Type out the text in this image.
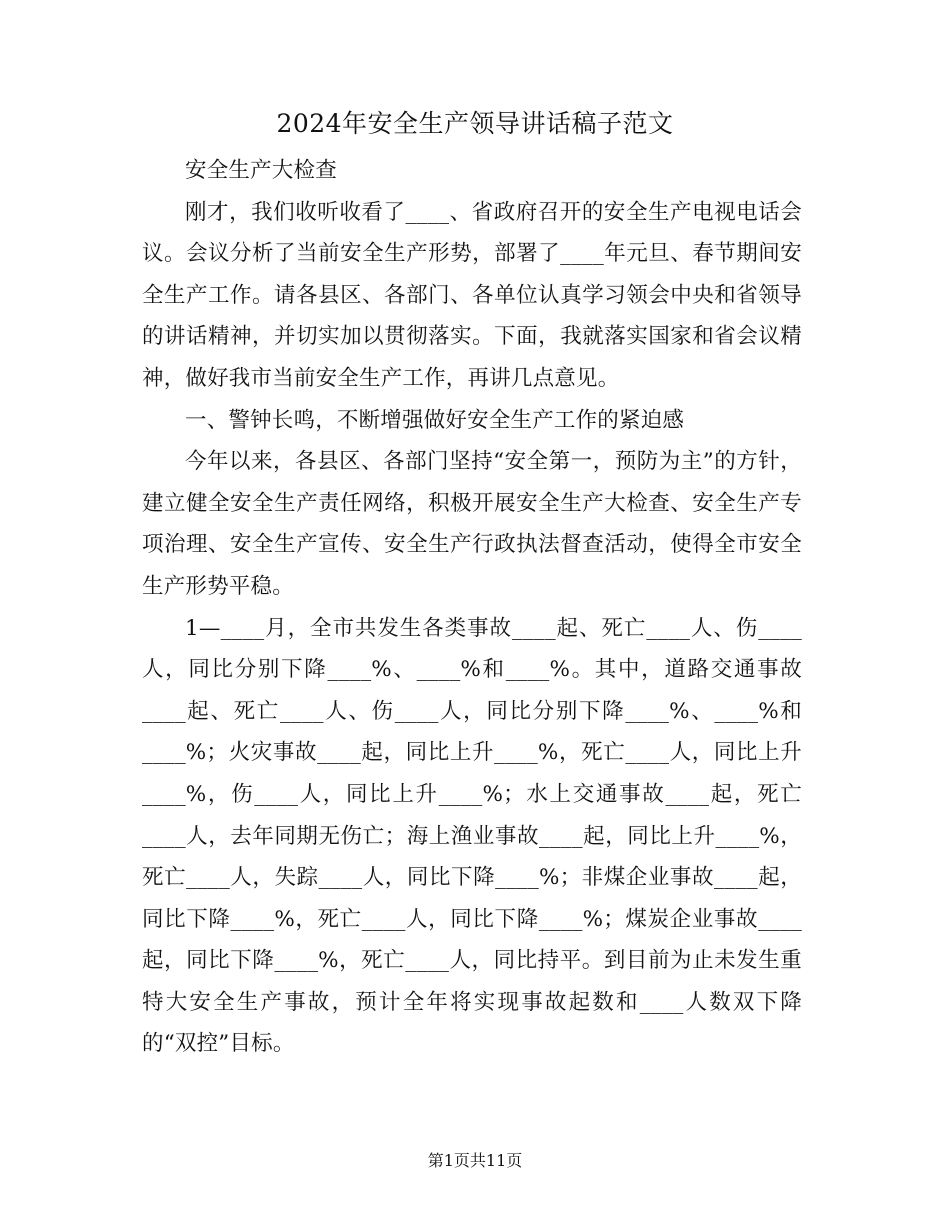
2024年安全生产领导讲话稿子范文

安全生产大检查

刚才，我们收听收看了____、省政府召开的安全生产电视电话会议。会议分析了当前安全生产形势，部署了____年元旦、春节期间安全生产工作。请各县区、各部门、各单位认真学习领会中央和省领导的讲话精神，并切实加以贯彻落实。下面，我就落实国家和省会议精神，做好我市当前安全生产工作，再讲几点意见。

一、警钟长鸣，不断增强做好安全生产工作的紧迫感

今年以来，各县区、各部门坚持“安全第一，预防为主”的方针，建立健全安全生产责任网络，积极开展安全生产大检查、安全生产专项治理、安全生产宣传、安全生产行政执法督查活动，使得全市安全生产形势平稳。

1—____月，全市共发生各类事故____起、死亡____人、伤____人，同比分别下降____%、____%和____%。其中，道路交通事故____起、死亡____人、伤____人，同比分别下降____%、____%和____%；火灾事故____起，同比上升____%，死亡____人，同比上升____%，伤____人，同比上升____%；水上交通事故____起，死亡____人，去年同期无伤亡；海上渔业事故____起，同比上升____%，死亡____人，失踪____人，同比下降____%；非煤企业事故____起，同比下降____%，死亡____人，同比下降____%；煤炭企业事故____起，同比下降____%，死亡____人，同比持平。到目前为止未发生重特大安全生产事故，预计全年将实现事故起数和____人数双下降的“双控”目标。

第1页共11页
